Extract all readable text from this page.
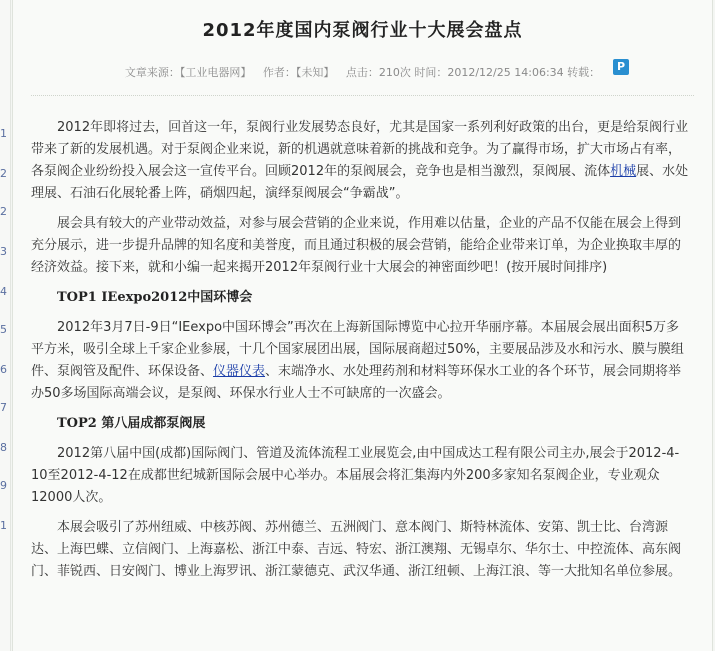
1
2
2
3
4
5
6
7
8
9
1
2012年度国内泵阀行业十大展会盘点
文章来源：【工业电器网】 作者：【未知】 点击：210次 时间：2012/12/25 14:06:34 转载：	P

2012年即将过去，回首这一年，泵阀行业发展势态良好，尤其是国家一系列利好政策的出台，更是给泵阀行业带来了新的发展机遇。对于泵阀企业来说，新的机遇就意味着新的挑战和竞争。为了赢得市场，扩大市场占有率，各泵阀企业纷纷投入展会这一宣传平台。回顾2012年的泵阀展会，竞争也是相当激烈，泵阀展、流体机械展、水处理展、石油石化展轮番上阵，硝烟四起，演绎泵阀展会“争霸战”。

展会具有较大的产业带动效益，对参与展会营销的企业来说，作用难以估量，企业的产品不仅能在展会上得到充分展示，进一步提升品牌的知名度和美誉度，而且通过积极的展会营销，能给企业带来订单，为企业换取丰厚的经济效益。接下来，就和小编一起来揭开2012年泵阀行业十大展会的神密面纱吧！(按开展时间排序)

TOP1 IEexpo2012中国环博会

2012年3月7日-9日“IEexpo中国环博会”再次在上海新国际博览中心拉开华丽序幕。本届展会展出面积5万多平方米，吸引全球上千家企业参展，十几个国家展团出展，国际展商超过50%，主要展品涉及水和污水、膜与膜组件、泵阀管及配件、环保设备、仪器仪表、末端净水、水处理药剂和材料等环保水工业的各个环节，展会同期将举办50多场国际高端会议，是泵阀、环保水行业人士不可缺席的一次盛会。

TOP2 第八届成都泵阀展

2012第八届中国(成都)国际阀门、管道及流体流程工业展览会,由中国成达工程有限公司主办,展会于2012-4-10至2012-4-12在成都世纪城新国际会展中心举办。本届展会将汇集海内外200多家知名泵阀企业，专业观众12000人次。

本展会吸引了苏州纽威、中核苏阀、苏州德兰、五洲阀门、意本阀门、斯特林流体、安第、凯士比、台湾源达、上海巴蝶、立信阀门、上海嘉松、浙江中泰、吉远、特宏、浙江澳翔、无锡卓尔、华尔士、中控流体、高东阀门、菲锐西、日安阀门、博业上海罗讯、浙江蒙德克、武汉华通、浙江纽顿、上海江浪、等一大批知名单位参展。
